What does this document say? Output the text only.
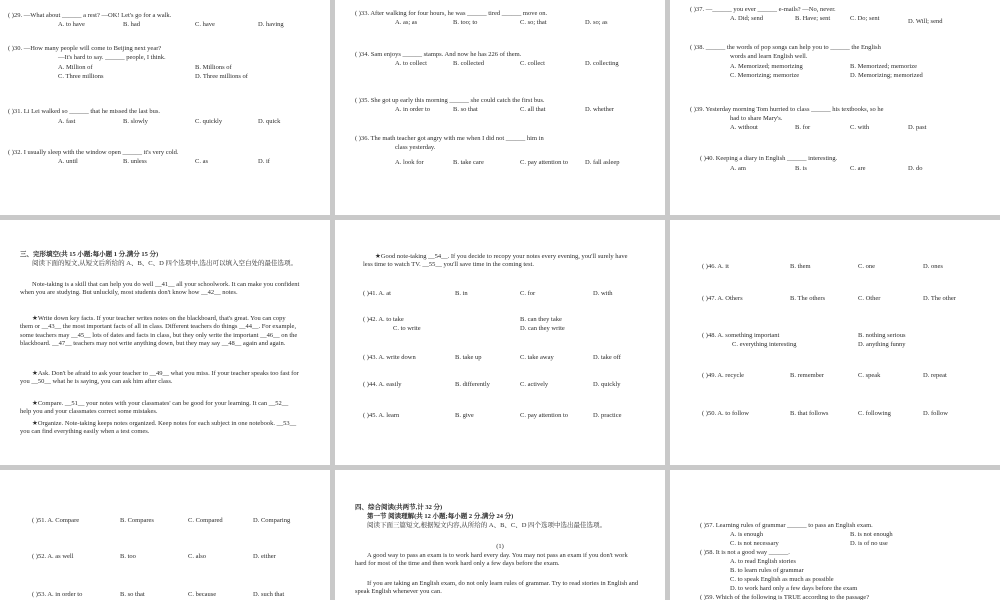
( )29. —What about ______ a rest? —OK! Let's go for a walk.
A. to have	B. had	C. have	D. having
( )30. —How many people will come to Beijing next year?
—It's hard to say. ______ people, I think.
A. Million of	B. Millions of
C. Three millions	D. Three millions of
( )31. Li Lei walked so ______ that he missed the last bus.
A. fast	B. slowly	C. quickly	D. quick
( )32. I usually sleep with the window open ______ it's very cold.
A. until	B. unless	C. as	D. if
( )33. After walking for four hours, he was ______ tired ______ move on.
A. as; as	B. too; to	C. so; that	D. so; as
( )34. Sam enjoys ______ stamps. And now he has 226 of them.
A. to collect	B. collected	C. collect	D. collecting
( )35. She got up early this morning ______ she could catch the first bus.
A. in order to	B. so that	C. all that	D. whether
( )36. The math teacher got angry with me when I did not ______ him in
class yesterday.
A. look for	B. take care	C. pay attention to	D. fall asleep
( )37. —______ you ever ______ e-mails? —No, never.
A. Did; send	B. Have; sent	C. Do; sent	D. Will; send
( )38. ______ the words of pop songs can help you to ______ the English
words and learn English well.
A. Memorized; memorizing	B. Memorized; memorize
C. Memorizing; memorize	D. Memorizing; memorized
( )39. Yesterday morning Tom hurried to class ______ his textbooks, so he
had to share Mary's.
A. without	B. for	C. with	D. past
( )40. Keeping a diary in English ______ interesting.
A. am	B. is	C. are	D. do
三、完形填空(共 15 小题;每小题 1 分,满分 15 分)
阅读下面的短文,从短文后所给的 A、B、C、D 四个选项中,选出可以填入空白处的最佳选项。
Note-taking is a skill that can help you do well __41__ all your schoolwork. It can make you confident when you are studying. But unluckily, most students don't know how __42__ notes.
★Write down key facts. If your teacher writes notes on the blackboard, that's great. You can copy them or __43__ the most important facts of all in class. Different teachers do things __44__. For example, some teachers may __45__ lots of dates and facts in class, but they only write the important __46__ on the blackboard. __47__ teachers may not write anything down, but they may say __48__ again and again.
★Ask. Don't be afraid to ask your teacher to __49__ what you miss. If your teacher speaks too fast for you __50__ what he is saying, you can ask him after class.
★Compare. __51__ your notes with your classmates' can be good for your learning. It can __52__ help you and your classmates correct some mistakes.
★Organize. Note-taking keeps notes organized. Keep notes for each subject in one notebook. __53__ you can find everything easily when a test comes.
★Good note-taking __54__. If you decide to recopy your notes every evening, you'll surely have less time to watch TV. __55__ you'll save time in the coming test.
( )41. A. at	B. in	C. for	D. with
( )42. A. to take	B. can they take
C. to write	D. can they write
( )43. A. write down	B. take up	C. take away	D. take off
( )44. A. easily	B. differently	C. actively	D. quickly
( )45. A. learn	B. give	C. pay attention to	D. practice
( )46. A. it	B. them	C. one	D. ones
( )47. A. Others	B. The others	C. Other	D. The other
( )48. A. something important	B. nothing serious
C. everything interesting	D. anything funny
( )49. A. recycle	B. remember	C. speak	D. repeat
( )50. A. to follow	B. that follows	C. following	D. follow
( )51. A. Compare	B. Compares	C. Compared	D. Comparing
( )52. A. as well	B. too	C. also	D. either
( )53. A. in order to	B. so that	C. because	D. such that
四、综合阅读(共两节,计 32 分)
第一节 阅读理解(共 12 小题;每小题 2 分,满分 24 分)
阅读下面三篇短文,根据短文内容,从所给的 A、B、C、D 四个选项中选出最佳选项。
(1)
A good way to pass an exam is to work hard every day. You may not pass an exam if you don't work hard for most of the time and then work hard only a few days before the exam.
If you are taking an English exam, do not only learn rules of grammar. Try to read stories in English and speak English whenever you can.
( )57. Learning rules of grammar ______ to pass an English exam.
A. is enough	B. is not enough
C. is not necessary	D. is of no use
( )58. It is not a good way ______.
A. to read English stories
B. to learn rules of grammar
C. to speak English as much as possible
D. to work hard only a few days before the exam
( )59. Which of the following is TRUE according to the passage?
